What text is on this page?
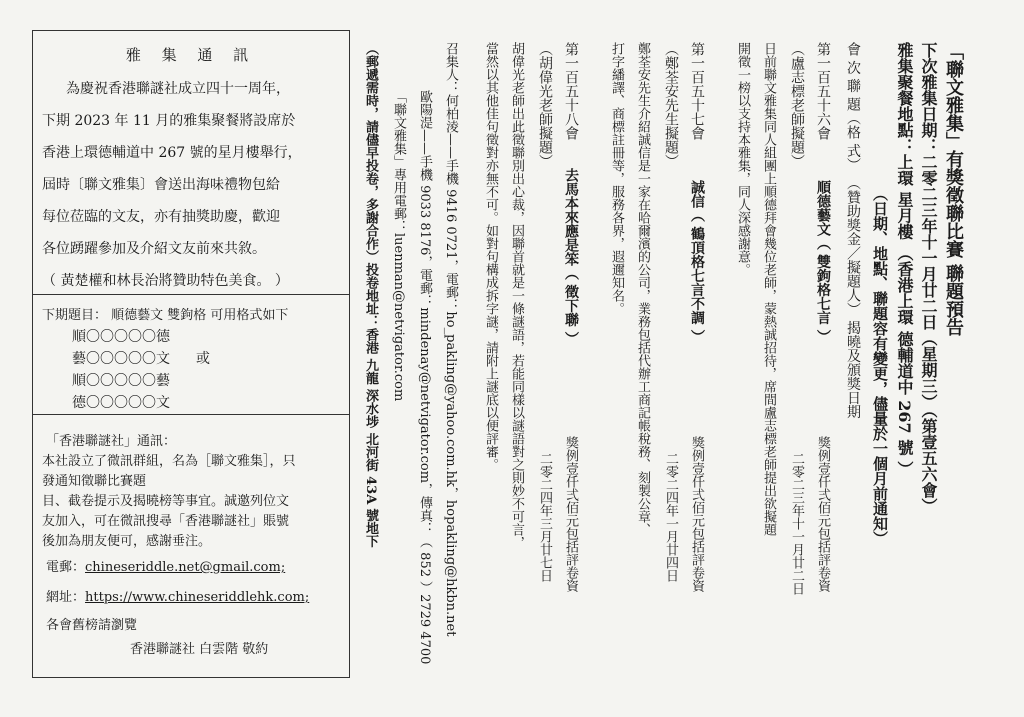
雅 集 通 訊
為慶祝香港聯謎社成立四十一周年，
下期 2023 年 11 月的雅集聚餐將設席於
香港上環德輔道中 267 號的星月樓舉行，
屆時〔聯文雅集〕會送出海味禮物包給
每位莅臨的文友，亦有抽獎助慶，歡迎
各位踴躍參加及介紹文友前來共敘。
（ 黃楚權和林長治將贊助特色美食。 ）
下期題目： 順德藝文 雙鉤格 可用格式如下
順〇〇〇〇〇德
藝〇〇〇〇〇文 或
順〇〇〇〇〇藝
德〇〇〇〇〇文
「香港聯謎社」通訊：
本社設立了微訊群組，名為［聯文雅集］，只
發通知徵聯比賽題
目、截卷提示及揭曉榜等事宜。誠邀列位文
友加入，可在微訊搜尋「香港聯謎社」賬號
後加為朋友便可，感謝垂注。
電郵：chineseriddle.net@gmail.com;
網址：https://www.chineseriddlehk.com;
各會舊榜請瀏覽
香港聯謎社 白雲階 敬約
「聯文雅集」有獎徵聯比賽 聯題預告
下次雅集日期：二零二三年十一月廿二日（星期三）（第壹五六會）
雅集聚餐地點：上環 星月樓 （香港上環 德輔道中 267 號 ）
（日期、地點、聯題容有變更，儘量於一個月前通知）
會 次 聯 題（格 式） （贊助獎金／擬題人） 揭曉及頒獎日期
第一百五十六會
順德藝文（ 雙鉤格七言 ）
獎例壹仟弍佰元包括評卷資
（盧志標老師擬題）
二零二三年十一月廿二日
日前聯文雅集同人組團上順德拜會幾位老師，蒙熱誠招待，席間盧志標老師提出欲擬題
開徵一榜以支持本雅集，同人深感謝意。
第一百五十七會
誠信（ 鶴頂格七言不調 ）
獎例壹仟弍佰元包括評卷資
（鄭荃安先生擬題）
二零二四年一月廿四日
鄭荃安先生介紹誠信是一家在哈爾濱的公司，業務包括代辦工商記帳稅務、刻製公章、
打字繙譯、商標註冊等，服務各界，遐邇知名。
第一百五十八會
去馬本來應是笨（ 徵下聯 ）
獎例壹仟弍佰元包括評卷資
（胡偉光老師擬題）
二零二四年三月廿七日
胡偉光老師出此徵聯別出心裁，因聯首就是一條謎語，若能同樣以謎語對之則妙不可言，
當然以其他佳句徵對亦無不可。如對句構成拆字謎，請附上謎底以便評審。
召集人：何柏淩——手機 9416 0721，電郵：ho_pakling@yahoo.com.hk，hopakling@hkbn.net
歐陽湜——手機 9033 8176，電郵：mindenay@netvigator.com，傳真：（ 852 ）2729 4700
「聯文雅集」專用電郵：luenman@netvigator.com
（郵遞需時，請儘早投卷，多謝合作）投卷地址：香港 九龍 深水埗 北河街 43A 號地下
